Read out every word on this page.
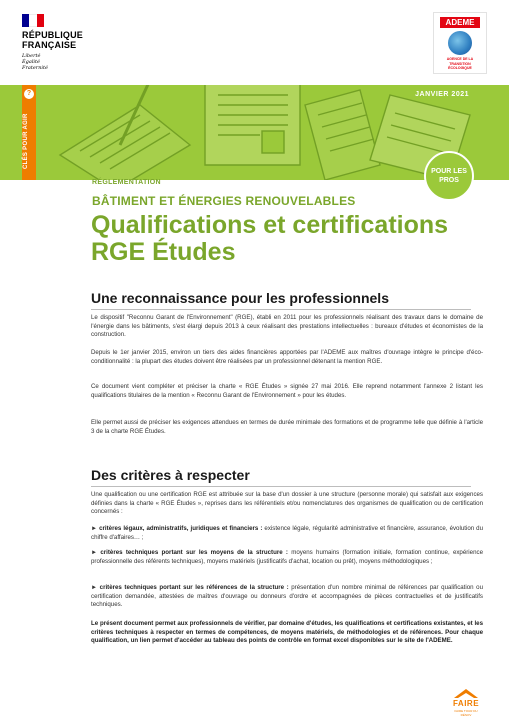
RÉPUBLIQUE
FRANÇAISE
Liberté
Égalité
Fraternité
ADEME
AGENCE DE LA TRANSITION ÉCOLOGIQUE
JANVIER 2021
?
CLÉS POUR AGIR
POUR LES PROS
RÉGLEMENTATION
BÂTIMENT ET ÉNERGIES RENOUVELABLES
Qualifications et certifications RGE Études
Une reconnaissance pour les professionnels
Le dispositif "Reconnu Garant de l'Environnement" (RGE), établi en 2011 pour les professionnels réalisant des travaux dans le domaine de l'énergie dans les bâtiments, s'est élargi depuis 2013 à ceux réalisant des prestations intellectuelles : bureaux d'études et économistes de la construction.
Depuis le 1er janvier 2015, environ un tiers des aides financières apportées par l'ADEME aux maîtres d'ouvrage intègre le principe d'éco-conditionnalité : la plupart des études doivent être réalisées par un professionnel détenant la mention RGE.
Ce document vient compléter et préciser la charte « RGE Études » signée 27 mai 2016. Elle reprend notamment l'annexe 2 listant les qualifications titulaires de la mention « Reconnu Garant de l'Environnement » pour les études.
Elle permet aussi de préciser les exigences attendues en termes de durée minimale des formations et de programme telle que définie à l'article 3 de la charte RGE Études.
Des critères à respecter
Une qualification ou une certification RGE est attribuée sur la base d'un dossier à une structure (personne morale) qui satisfait aux exigences définies dans la charte « RGE Études », reprises dans les référentiels et/ou nomenclatures des organismes de qualification ou de certification concernés :
► critères légaux, administratifs, juridiques et financiers : existence légale, régularité administrative et financière, assurance, évolution du chiffre d'affaires… ;
► critères techniques portant sur les moyens de la structure : moyens humains (formation initiale, formation continue, expérience professionnelle des référents techniques), moyens matériels (justificatifs d'achat, location ou prêt), moyens méthodologiques ;
► critères techniques portant sur les références de la structure : présentation d'un nombre minimal de références par qualification ou certification demandée, attestées de maîtres d'ouvrage ou donneurs d'ordre et accompagnées de pièces contractuelles et de justificatifs techniques.
Le présent document permet aux professionnels de vérifier, par domaine d'études, les qualifications et certifications existantes, et les critères techniques à respecter en termes de compétences, de moyens matériels, de méthodologies et de références. Pour chaque qualification, un lien permet d'accéder au tableau des points de contrôle en format excel disponibles sur le site de l'ADEME.
FAIRE
FAIRE TOUR DU RÉNOV
